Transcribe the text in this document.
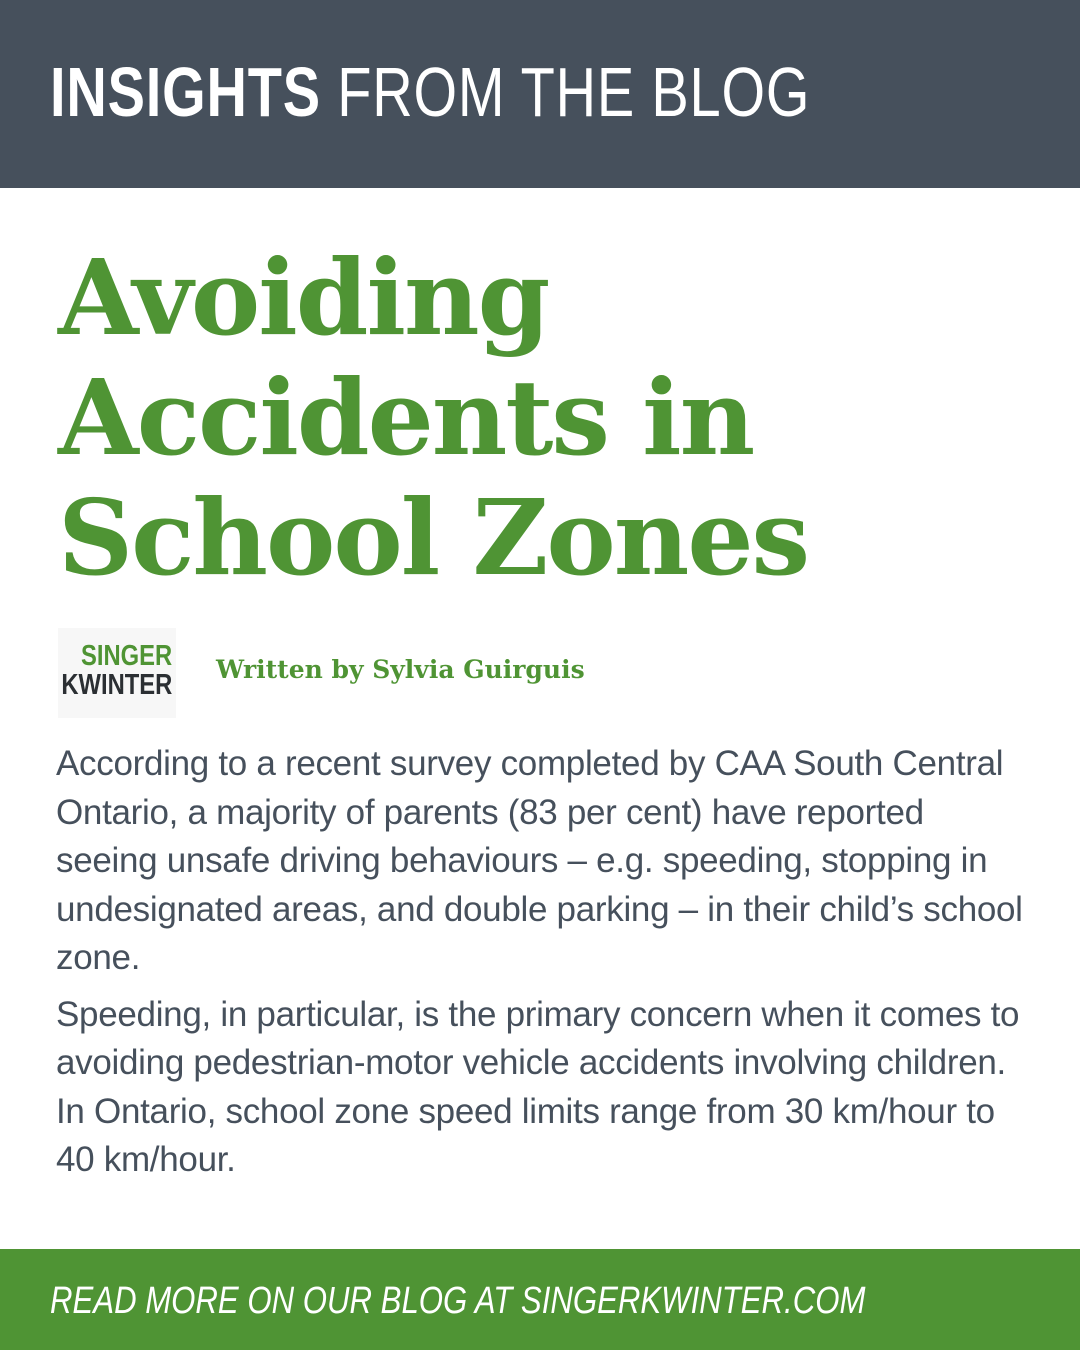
INSIGHTS FROM THE BLOG
Avoiding Accidents in School Zones
SINGER
KWINTER Written by Sylvia Guirguis

According to a recent survey completed by CAA South Central Ontario, a majority of parents (83 per cent) have reported seeing unsafe driving behaviours – e.g. speeding, stopping in undesignated areas, and double parking – in their child’s school zone.

Speeding, in particular, is the primary concern when it comes to avoiding pedestrian-motor vehicle accidents involving children. In Ontario, school zone speed limits range from 30 km/hour to 40 km/hour.

READ MORE ON OUR BLOG AT SINGERKWINTER.COM
